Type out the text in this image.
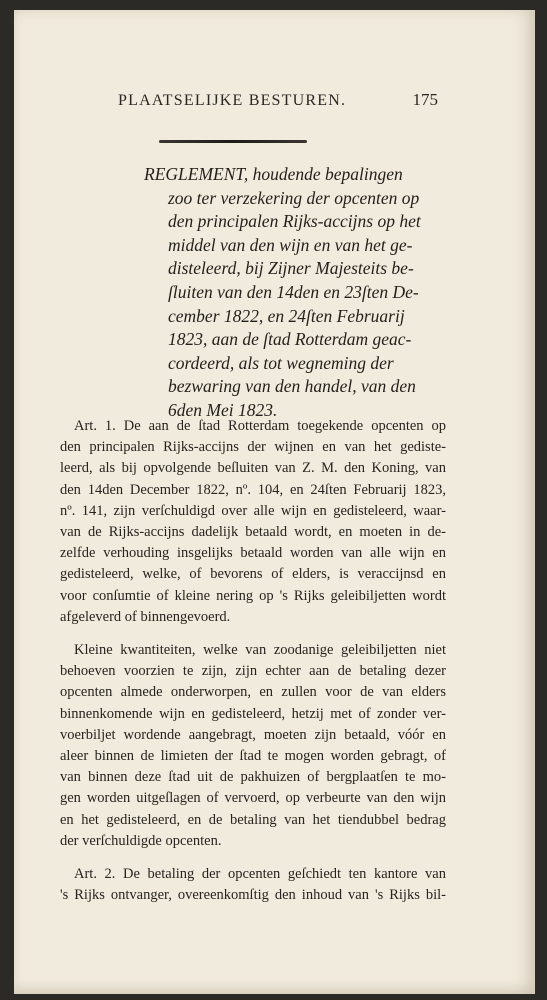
PLAATSELIJKE BESTUREN.	175
REGLEMENT, houdende bepalingen
zoo ter verzekering der opcenten op
den principalen Rijks-accijns op het
middel van den wijn en van het ge-
disteleerd, bij Zijner Majesteits be-
ſluiten van den 14den en 23ſten De-
cember 1822, en 24ſten Februarij
1823, aan de ſtad Rotterdam geac-
cordeerd, als tot wegneming der
bezwaring van den handel, van den
6den Mei 1823.
Art. 1. De aan de ſtad Rotterdam toegekende opcenten op
den principalen Rijks-accijns der wijnen en van het gediste-
leerd, als bij opvolgende beſluiten van Z. M. den Koning, van
den 14den December 1822, nº. 104, en 24ſten Februarij 1823,
nº. 141, zijn verſchuldigd over alle wijn en gedisteleerd, waar-
van de Rijks-accijns dadelijk betaald wordt, en moeten in de-
zelfde verhouding insgelijks betaald worden van alle wijn en
gedisteleerd, welke, of bevorens of elders, is veraccijnsd en
voor conſumtie of kleine nering op 's Rijks geleibiljetten wordt
afgeleverd of binnengevoerd.
Kleine kwantiteiten, welke van zoodanige geleibiljetten niet
behoeven voorzien te zijn, zijn echter aan de betaling dezer
opcenten almede onderworpen, en zullen voor de van elders
binnenkomende wijn en gedisteleerd, hetzij met of zonder ver-
voerbiljet wordende aangebragt, moeten zijn betaald, vóór en
aleer binnen de limieten der ſtad te mogen worden gebragt, of
van binnen deze ſtad uit de pakhuizen of bergplaatſen te mo-
gen worden uitgeſlagen of vervoerd, op verbeurte van den wijn
en het gedisteleerd, en de betaling van het tiendubbel bedrag
der verſchuldigde opcenten.
Art. 2. De betaling der opcenten geſchiedt ten kantore van
's Rijks ontvanger, overeenkomſtig den inhoud van 's Rijks bil-
